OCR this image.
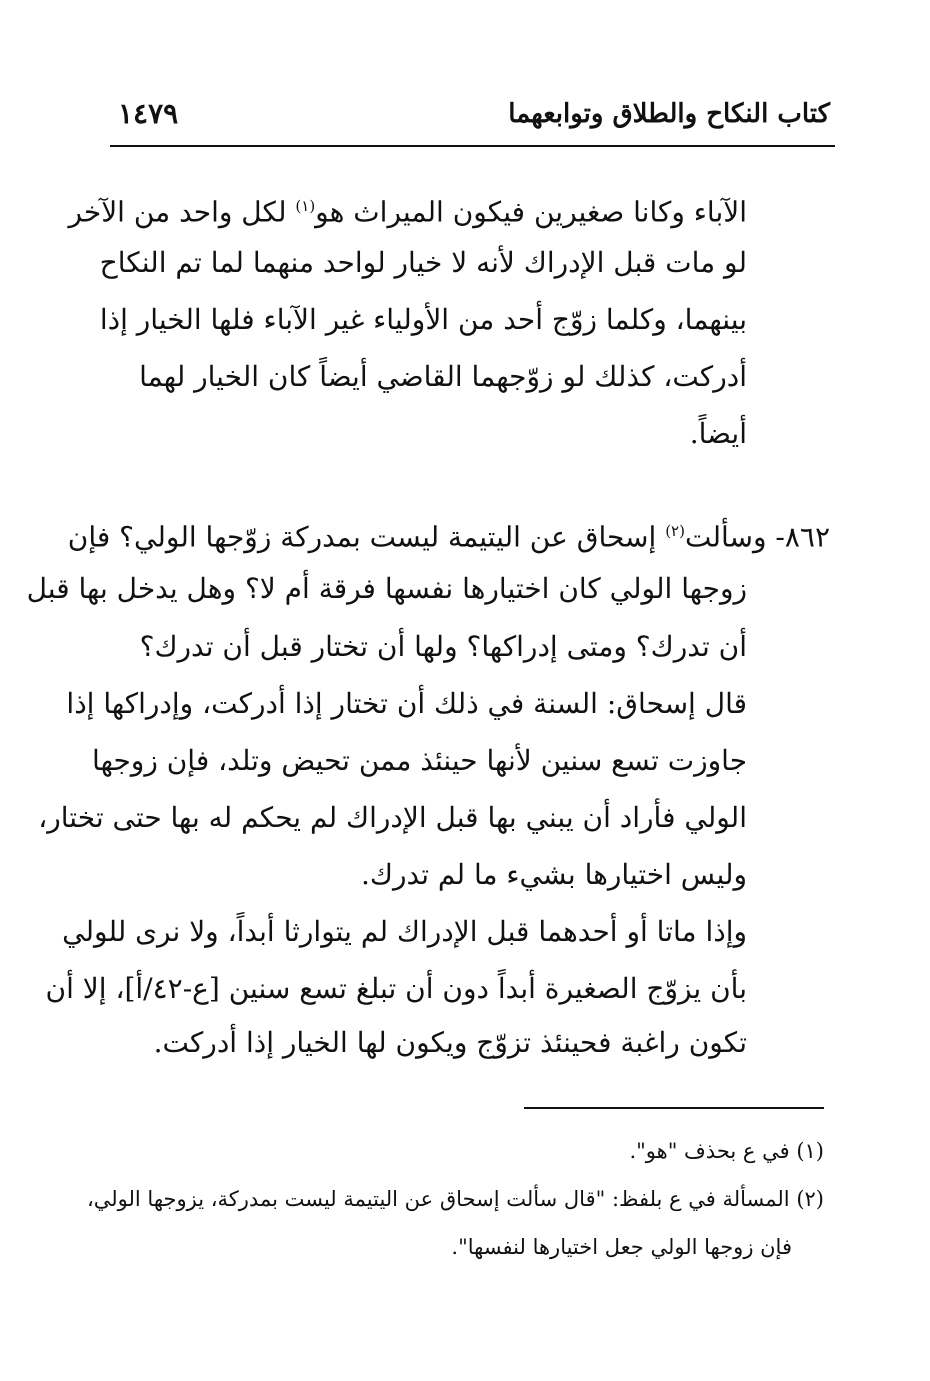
كتاب النكاح والطلاق وتوابعهما
١٤٧٩
الآباء وكانا صغيرين فيكون الميراث هو$^{(١)}$ لكل واحد من الآخر
لو مات قبل الإدراك لأنه لا خيار لواحد منهما لما تم النكاح
بينهما، وكلما زوّج أحد من الأولياء غير الآباء فلها الخيار إذا
أدركت، كذلك لو زوّجهما القاضي أيضاً كان الخيار لهما
أيضاً.
٨٦٢- وسألت$^{(٢)}$ إسحاق عن اليتيمة ليست بمدركة زوّجها الولي؟ فإن
زوجها الولي كان اختيارها نفسها فرقة أم لا؟ وهل يدخل بها قبل
أن تدرك؟ ومتى إدراكها؟ ولها أن تختار قبل أن تدرك؟
قال إسحاق: السنة في ذلك أن تختار إذا أدركت، وإدراكها إذا
جاوزت تسع سنين لأنها حينئذ ممن تحيض وتلد، فإن زوجها
الولي فأراد أن يبني بها قبل الإدراك لم يحكم له بها حتى تختار،
وليس اختيارها بشيء ما لم تدرك.
وإذا ماتا أو أحدهما قبل الإدراك لم يتوارثا أبداً، ولا نرى للولي
بأن يزوّج الصغيرة أبداً دون أن تبلغ تسع سنين [ع-٤٢/أ]، إلا أن
تكون راغبة فحينئذ تزوّج ويكون لها الخيار إذا أدركت.
(١) في ع بحذف "هو".
(٢) المسألة في ع بلفظ: "قال سألت إسحاق عن اليتيمة ليست بمدركة، يزوجها الولي،
فإن زوجها الولي جعل اختيارها لنفسها".
